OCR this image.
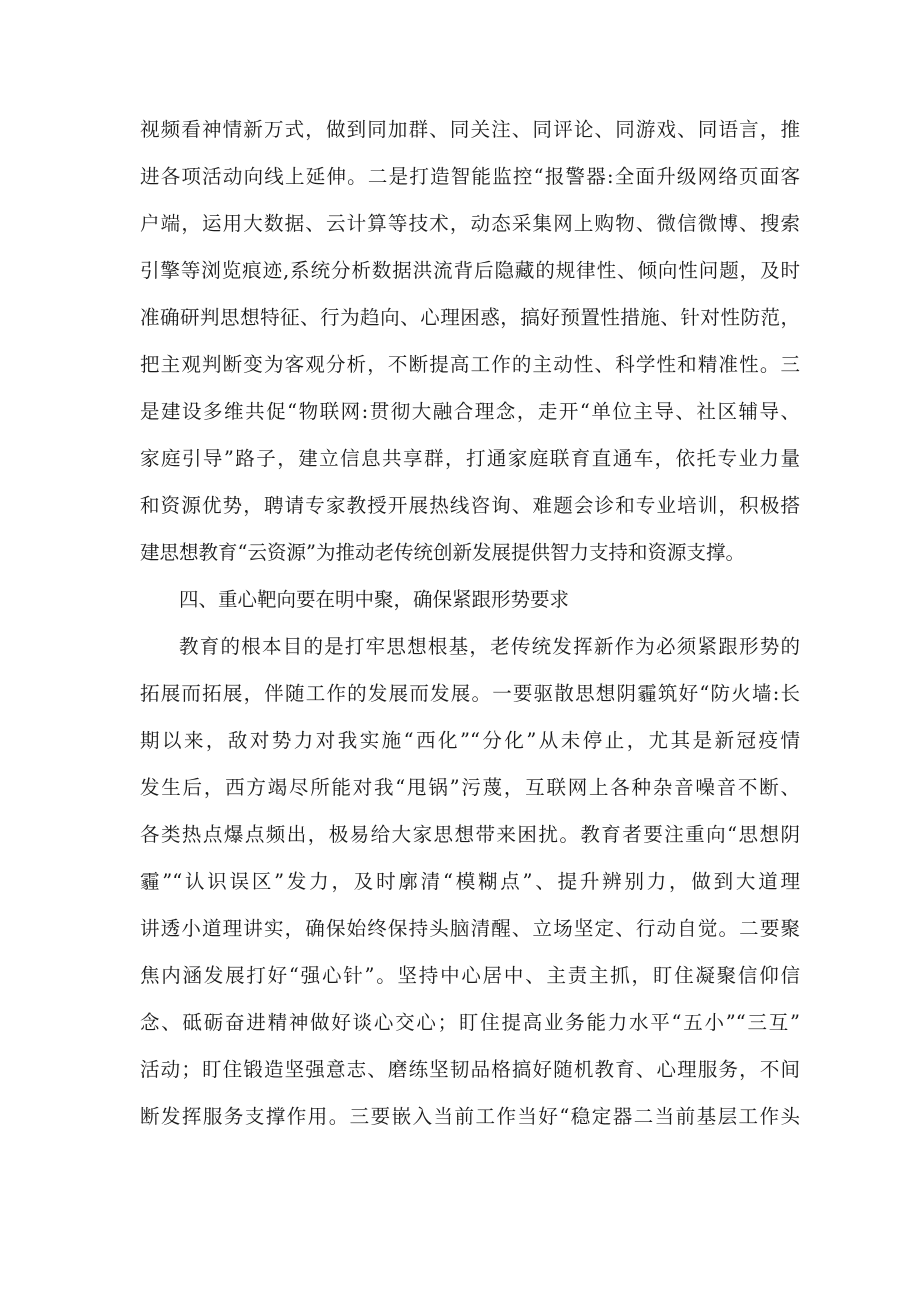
视频看神情新万式，做到同加群、同关注、同评论、同游戏、同语言，推
进各项活动向线上延伸。二是打造智能监控“报警器:全面升级网络页面客
户端，运用大数据、云计算等技术，动态采集网上购物、微信微博、搜索
引擎等浏览痕迹,系统分析数据洪流背后隐藏的规律性、倾向性问题，及时
准确研判思想特征、行为趋向、心理困惑，搞好预置性措施、针对性防范，
把主观判断变为客观分析，不断提高工作的主动性、科学性和精准性。三
是建设多维共促“物联网:贯彻大融合理念，走开“单位主导、社区辅导、
家庭引导”路子，建立信息共享群，打通家庭联育直通车，依托专业力量
和资源优势，聘请专家教授开展热线咨询、难题会诊和专业培训，积极搭
建思想教育“云资源”为推动老传统创新发展提供智力支持和资源支撑。
四、重心靶向要在明中聚，确保紧跟形势要求
教育的根本目的是打牢思想根基，老传统发挥新作为必须紧跟形势的
拓展而拓展，伴随工作的发展而发展。一要驱散思想阴霾筑好“防火墙:长
期以来，敌对势力对我实施“西化”“分化”从未停止，尤其是新冠疫情
发生后，西方竭尽所能对我“甩锅”污蔑，互联网上各种杂音噪音不断、
各类热点爆点频出，极易给大家思想带来困扰。教育者要注重向“思想阴
霾”“认识误区”发力，及时廓清“模糊点”、提升辨别力，做到大道理
讲透小道理讲实，确保始终保持头脑清醒、立场坚定、行动自觉。二要聚
焦内涵发展打好“强心针”。坚持中心居中、主责主抓，盯住凝聚信仰信
念、砥砺奋进精神做好谈心交心；盯住提高业务能力水平“五小”“三互”
活动；盯住锻造坚强意志、磨练坚韧品格搞好随机教育、心理服务，不间
断发挥服务支撑作用。三要嵌入当前工作当好“稳定器二当前基层工作头
